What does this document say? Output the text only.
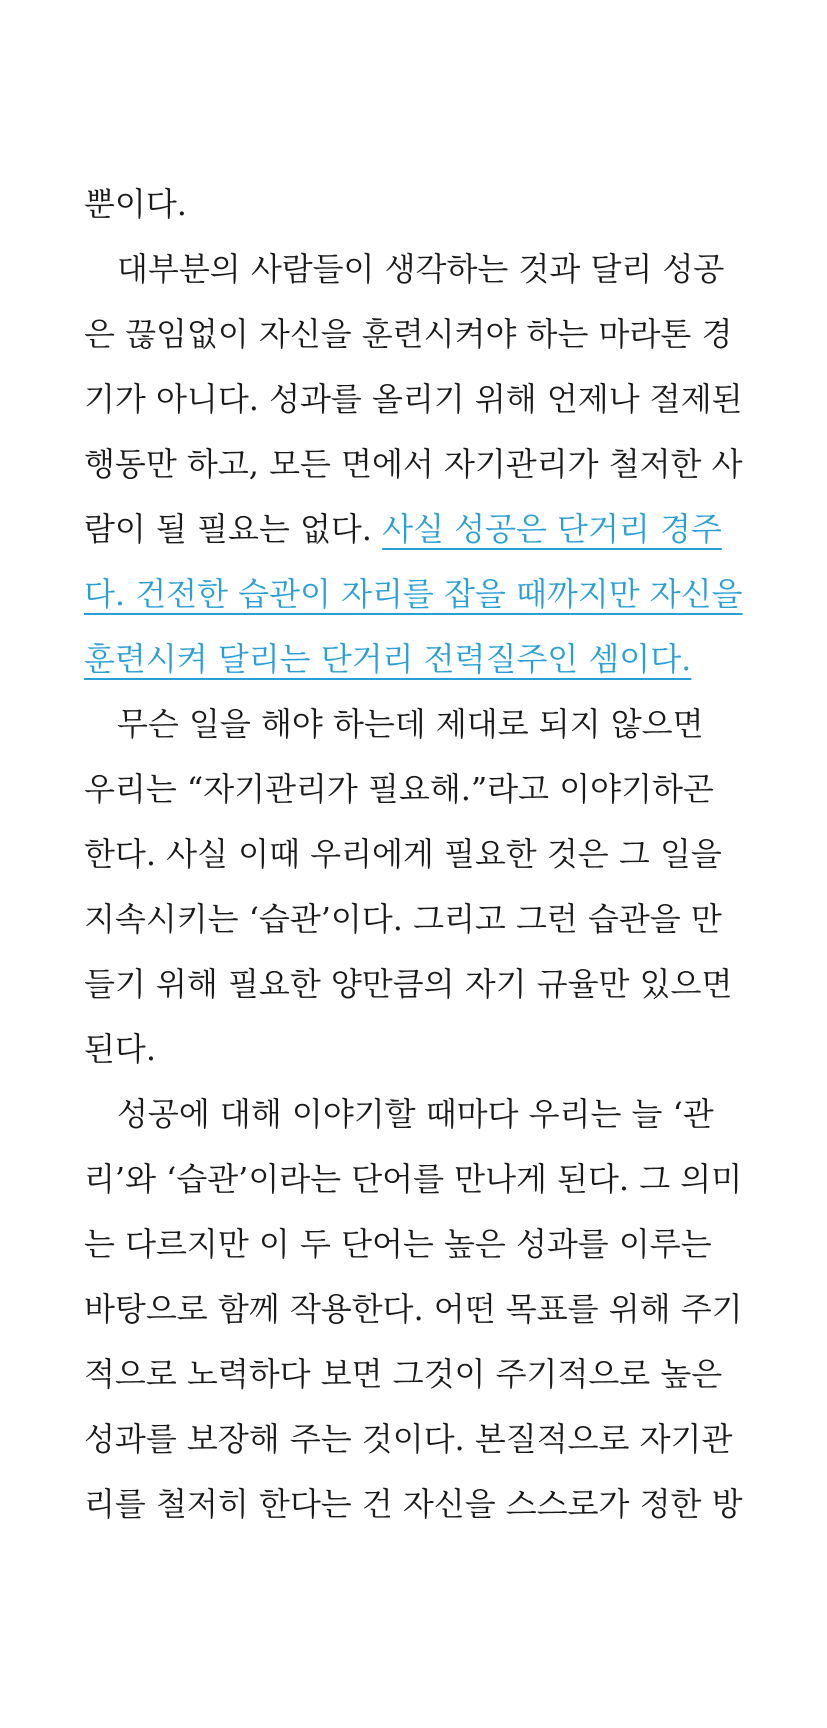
뿐이다.
대부분의 사람들이 생각하는 것과 달리 성공
은 끊임없이 자신을 훈련시켜야 하는 마라톤 경
기가 아니다. 성과를 올리기 위해 언제나 절제된
행동만 하고, 모든 면에서 자기관리가 철저한 사
람이 될 필요는 없다. 사실 성공은 단거리 경주
다. 건전한 습관이 자리를 잡을 때까지만 자신을
훈련시켜 달리는 단거리 전력질주인 셈이다.
무슨 일을 해야 하는데 제대로 되지 않으면
우리는 “자기관리가 필요해.”라고 이야기하곤
한다. 사실 이때 우리에게 필요한 것은 그 일을
지속시키는 ‘습관’이다. 그리고 그런 습관을 만
들기 위해 필요한 양만큼의 자기 규율만 있으면
된다.
성공에 대해 이야기할 때마다 우리는 늘 ‘관
리’와 ‘습관’이라는 단어를 만나게 된다. 그 의미
는 다르지만 이 두 단어는 높은 성과를 이루는
바탕으로 함께 작용한다. 어떤 목표를 위해 주기
적으로 노력하다 보면 그것이 주기적으로 높은
성과를 보장해 주는 것이다. 본질적으로 자기관
리를 철저히 한다는 건 자신을 스스로가 정한 방
